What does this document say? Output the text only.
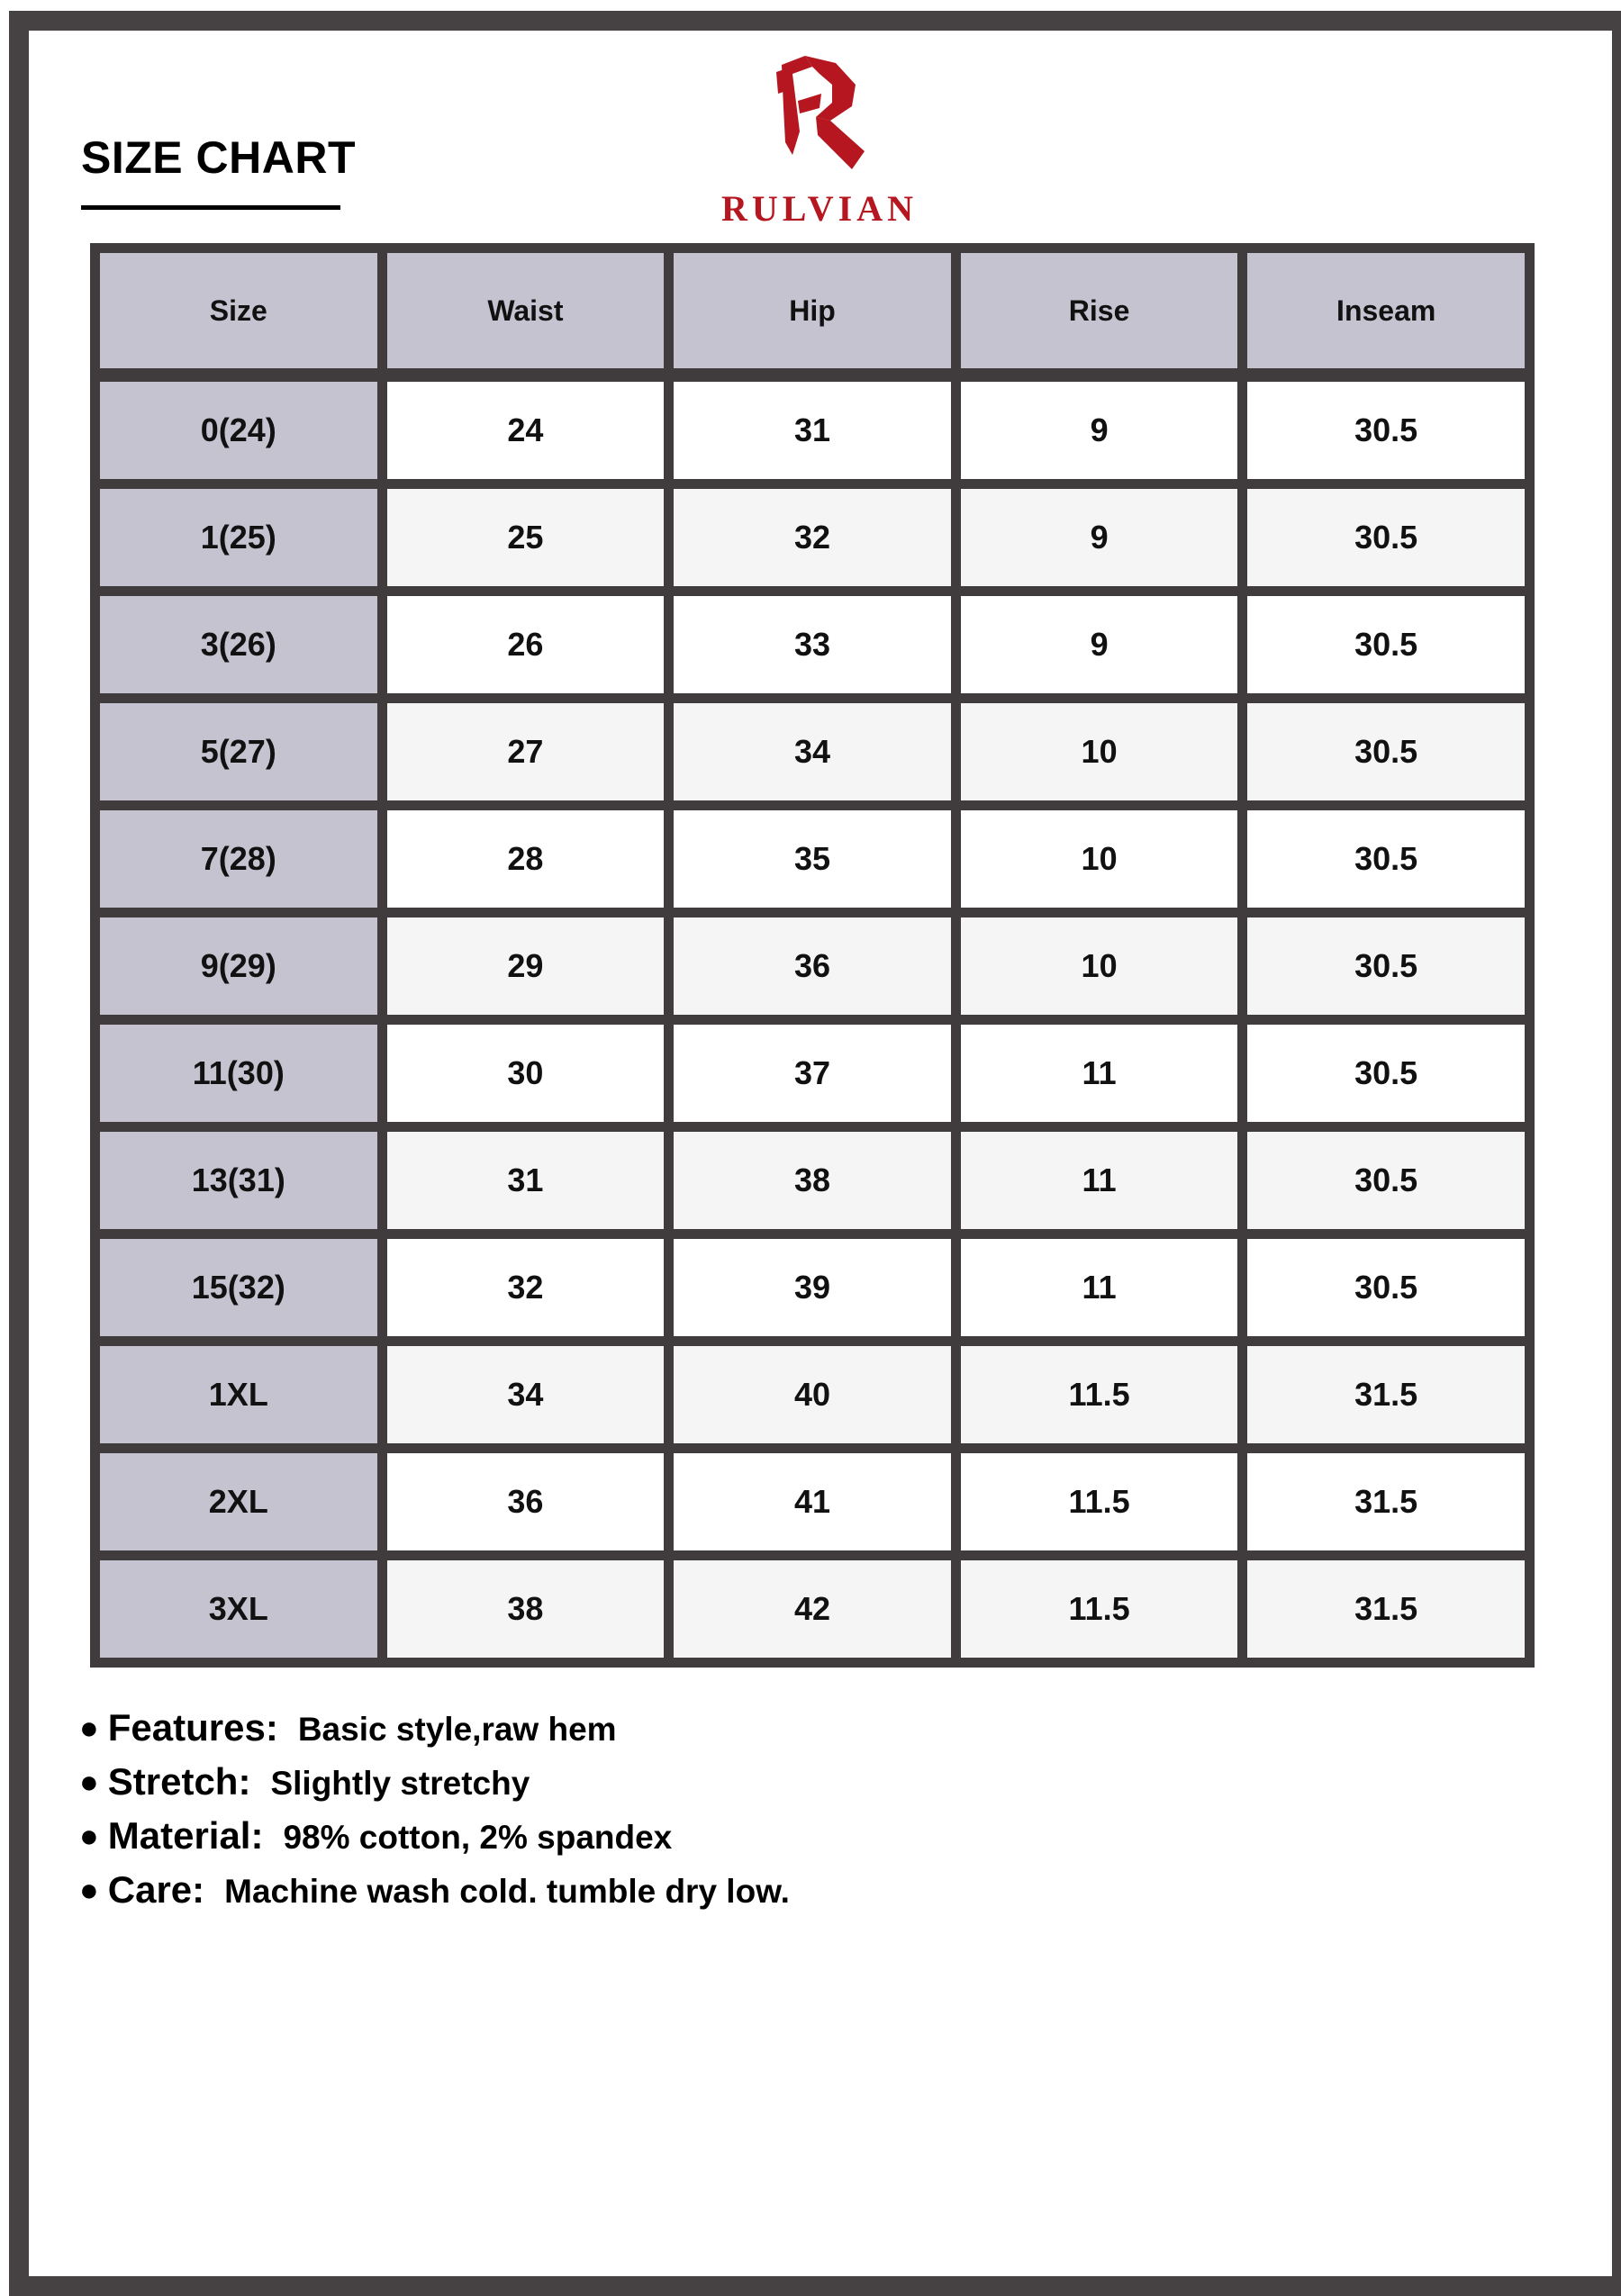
SIZE CHART
RULVIAN
Size	Waist	Hip	Rise	Inseam
0(24)	24	31	9	30.5
1(25)	25	32	9	30.5
3(26)	26	33	9	30.5
5(27)	27	34	10	30.5
7(28)	28	35	10	30.5
9(29)	29	36	10	30.5
11(30)	30	37	11	30.5
13(31)	31	38	11	30.5
15(32)	32	39	11	30.5
1XL	34	40	11.5	31.5
2XL	36	41	11.5	31.5
3XL	38	42	11.5	31.5
● Features: Basic style,raw hem
● Stretch: Slightly stretchy
● Material: 98% cotton, 2% spandex
● Care: Machine wash cold. tumble dry low.
